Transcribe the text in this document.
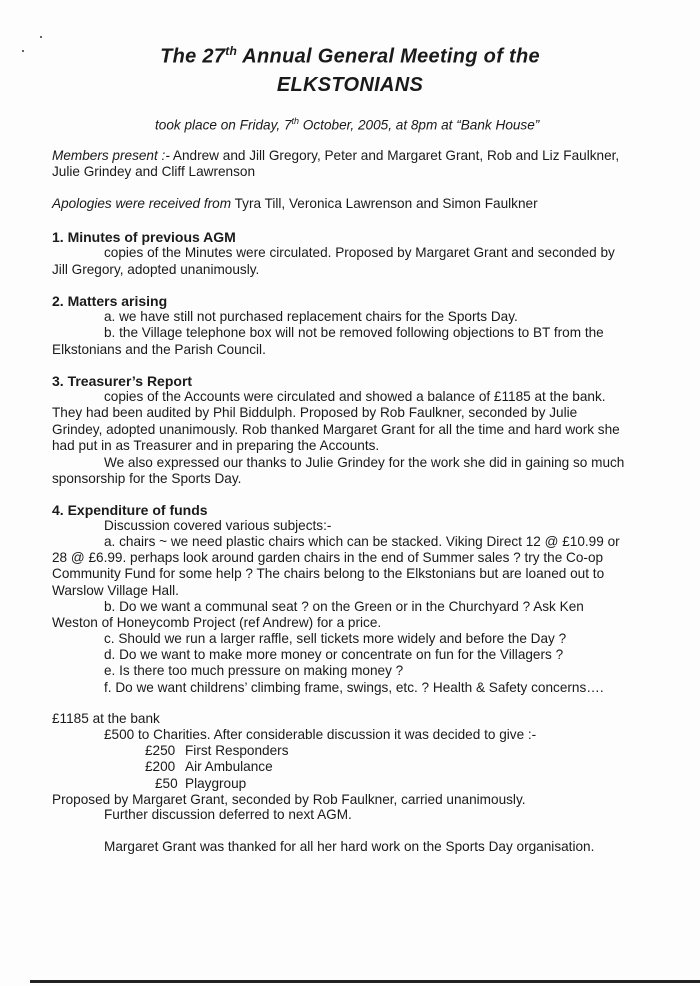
The 27th Annual General Meeting of the
ELKSTONIANS
took place on Friday, 7th October, 2005, at 8pm at “Bank House”
Members present :- Andrew and Jill Gregory, Peter and Margaret Grant, Rob and Liz Faulkner,
Julie Grindey and Cliff Lawrenson
Apologies were received from Tyra Till, Veronica Lawrenson and Simon Faulkner
1. Minutes of previous AGM
copies of the Minutes were circulated. Proposed by Margaret Grant and seconded by
Jill Gregory, adopted unanimously.
2. Matters arising
a. we have still not purchased replacement chairs for the Sports Day.
b. the Village telephone box will not be removed following objections to BT from the
Elkstonians and the Parish Council.
3. Treasurer’s Report
copies of the Accounts were circulated and showed a balance of £1185 at the bank.
They had been audited by Phil Biddulph. Proposed by Rob Faulkner, seconded by Julie
Grindey, adopted unanimously. Rob thanked Margaret Grant for all the time and hard work she
had put in as Treasurer and in preparing the Accounts.
We also expressed our thanks to Julie Grindey for the work she did in gaining so much
sponsorship for the Sports Day.
4. Expenditure of funds
Discussion covered various subjects:-
a. chairs ~ we need plastic chairs which can be stacked. Viking Direct 12 @ £10.99 or
28 @ £6.99. perhaps look around garden chairs in the end of Summer sales ? try the Co-op
Community Fund for some help ? The chairs belong to the Elkstonians but are loaned out to
Warslow Village Hall.
b. Do we want a communal seat ? on the Green or in the Churchyard ? Ask Ken
Weston of Honeycomb Project (ref Andrew) for a price.
c. Should we run a larger raffle, sell tickets more widely and before the Day ?
d. Do we want to make more money or concentrate on fun for the Villagers ?
e. Is there too much pressure on making money ?
f. Do we want childrens’ climbing frame, swings, etc. ? Health & Safety concerns….
£1185 at the bank
£500 to Charities. After considerable discussion it was decided to give :-
£250 First Responders
£200 Air Ambulance
£50 Playgroup
Proposed by Margaret Grant, seconded by Rob Faulkner, carried unanimously.
Further discussion deferred to next AGM.
Margaret Grant was thanked for all her hard work on the Sports Day organisation.
